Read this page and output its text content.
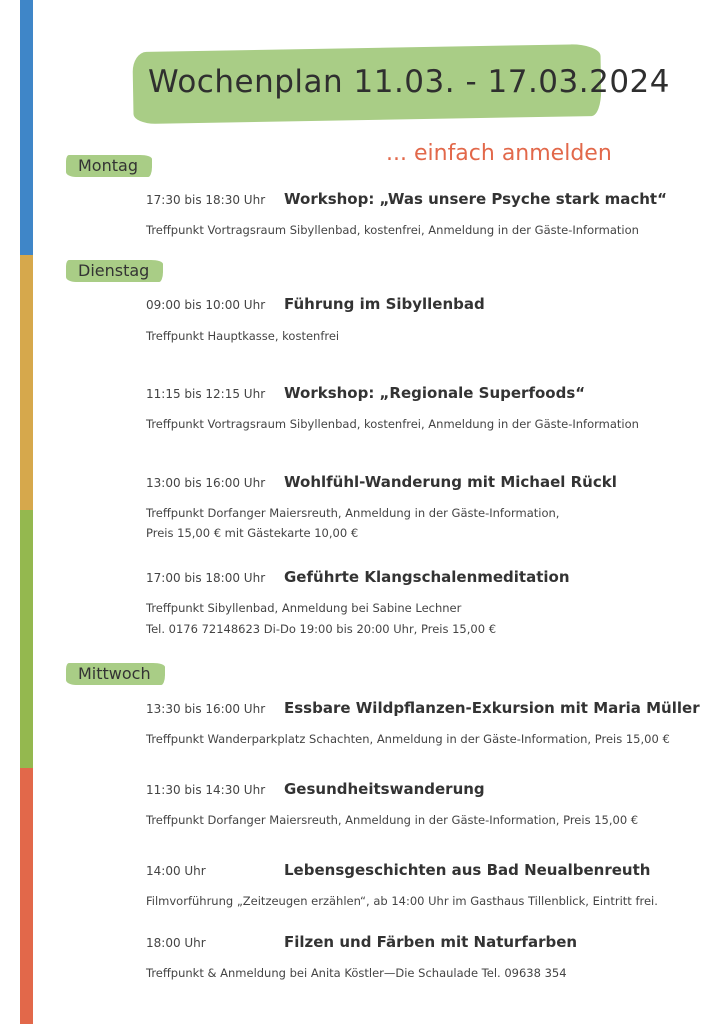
Wochenplan 11.03. - 17.03.2024
... einfach anmelden
Montag
17:30 bis 18:30 Uhr Workshop: „Was unsere Psyche stark macht“
Treffpunkt Vortragsraum Sibyllenbad, kostenfrei, Anmeldung in der Gäste-Information
Dienstag
09:00 bis 10:00 Uhr Führung im Sibyllenbad
Treffpunkt Hauptkasse, kostenfrei
11:15 bis 12:15 Uhr Workshop: „Regionale Superfoods“
Treffpunkt Vortragsraum Sibyllenbad, kostenfrei, Anmeldung in der Gäste-Information
13:00 bis 16:00 Uhr Wohlfühl-Wanderung mit Michael Rückl
Treffpunkt Dorfanger Maiersreuth, Anmeldung in der Gäste-Information,
Preis 15,00 € mit Gästekarte 10,00 €
17:00 bis 18:00 Uhr Geführte Klangschalenmeditation
Treffpunkt Sibyllenbad, Anmeldung bei Sabine Lechner
Tel. 0176 72148623 Di-Do 19:00 bis 20:00 Uhr, Preis 15,00 €
Mittwoch
13:30 bis 16:00 Uhr Essbare Wildpflanzen-Exkursion mit Maria Müller
Treffpunkt Wanderparkplatz Schachten, Anmeldung in der Gäste-Information, Preis 15,00 €
11:30 bis 14:30 Uhr Gesundheitswanderung
Treffpunkt Dorfanger Maiersreuth, Anmeldung in der Gäste-Information, Preis 15,00 €
14:00 Uhr	Lebensgeschichten aus Bad Neualbenreuth
Filmvorführung „Zeitzeugen erzählen“, ab 14:00 Uhr im Gasthaus Tillenblick, Eintritt frei.
18:00 Uhr	Filzen und Färben mit Naturfarben
Treffpunkt & Anmeldung bei Anita Köstler—Die Schaulade Tel. 09638 354
